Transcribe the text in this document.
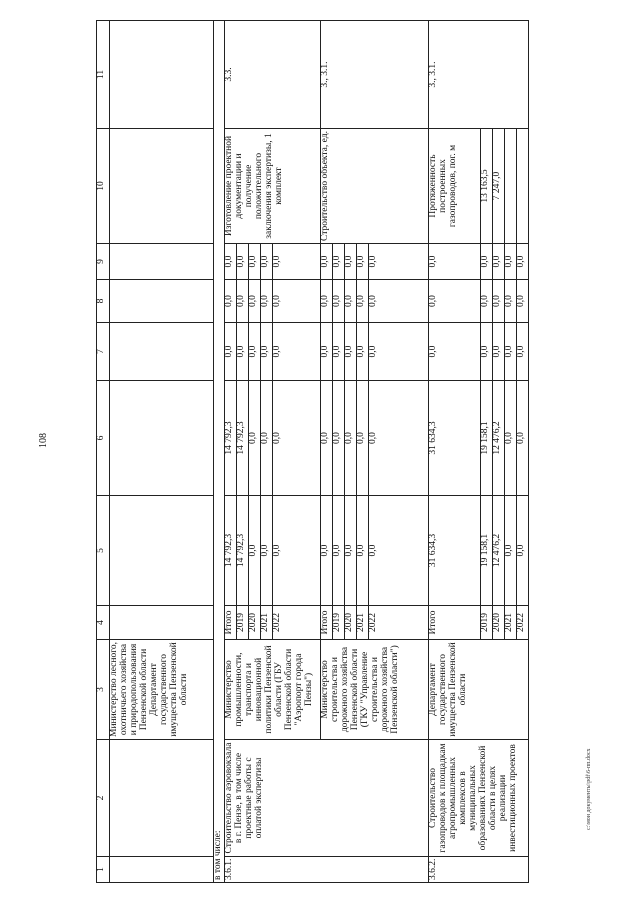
108
1	2	3	4	5	6	7	8	9	10	11
		Министерство лесного, охотничьего хозяйства и природопользования Пензенской области Департамент государственного имущества Пензенской области								
в том числе:										
3.6.1.	Строительство аэровокзала в г. Пензе, в том числе проектные работы с оплатой экспертизы	Министерство промышленности, транспорта и инновационной политики Пензенской области (ГБУ Пензенской области "Аэропорт города Пензы")	Итого	14 792,3	14 792,3	0,0	0,0	0,0	Изготовление проектной документации и получение положительного заключения экспертизы, 1 комплект	3.3.
			2019	14 792,3	14 792,3	0,0	0,0	0,0		
			2020	0,0	0,0	0,0	0,0	0,0		
			2021	0,0	0,0	0,0	0,0	0,0		
			2022	0,0	0,0	0,0	0,0	0,0		
		Министерство строительства и дорожного хозяйства Пензенской области (ГКУ "Управление строительства и дорожного хозяйства Пензенской области")	Итого	0,0	0,0	0,0	0,0	0,0	Строительство объекта, ед.	3., 3.1.
			2019	0,0	0,0	0,0	0,0	0,0		
			2020	0,0	0,0	0,0	0,0	0,0		
			2021	0,0	0,0	0,0	0,0	0,0		
			2022	0,0	0,0	0,0	0,0	0,0		
3.6.2.	Строительство газопроводов к площадкам агропромышленных комплексов в муниципальных образованиях Пензенской области в целях реализации инвестиционных проектов	Департамент государственного имущества Пензенской области	Итого	31 634,3	31 634,3	0,0	0,0	0,0	Протяженность построенных газопроводов, пог. м	3., 3.1.
			2019	19 158,1	19 158,1	0,0	0,0	0,0	13 163,5	
			2020	12 476,2	12 476,2	0,0	0,0	0,0	7 247,0	
			2021	0,0	0,0	0,0	0,0	0,0		
			2022	0,0	0,0	0,0	0,0	0,0		
c:\мои документы\pdf\6-пп.docx
